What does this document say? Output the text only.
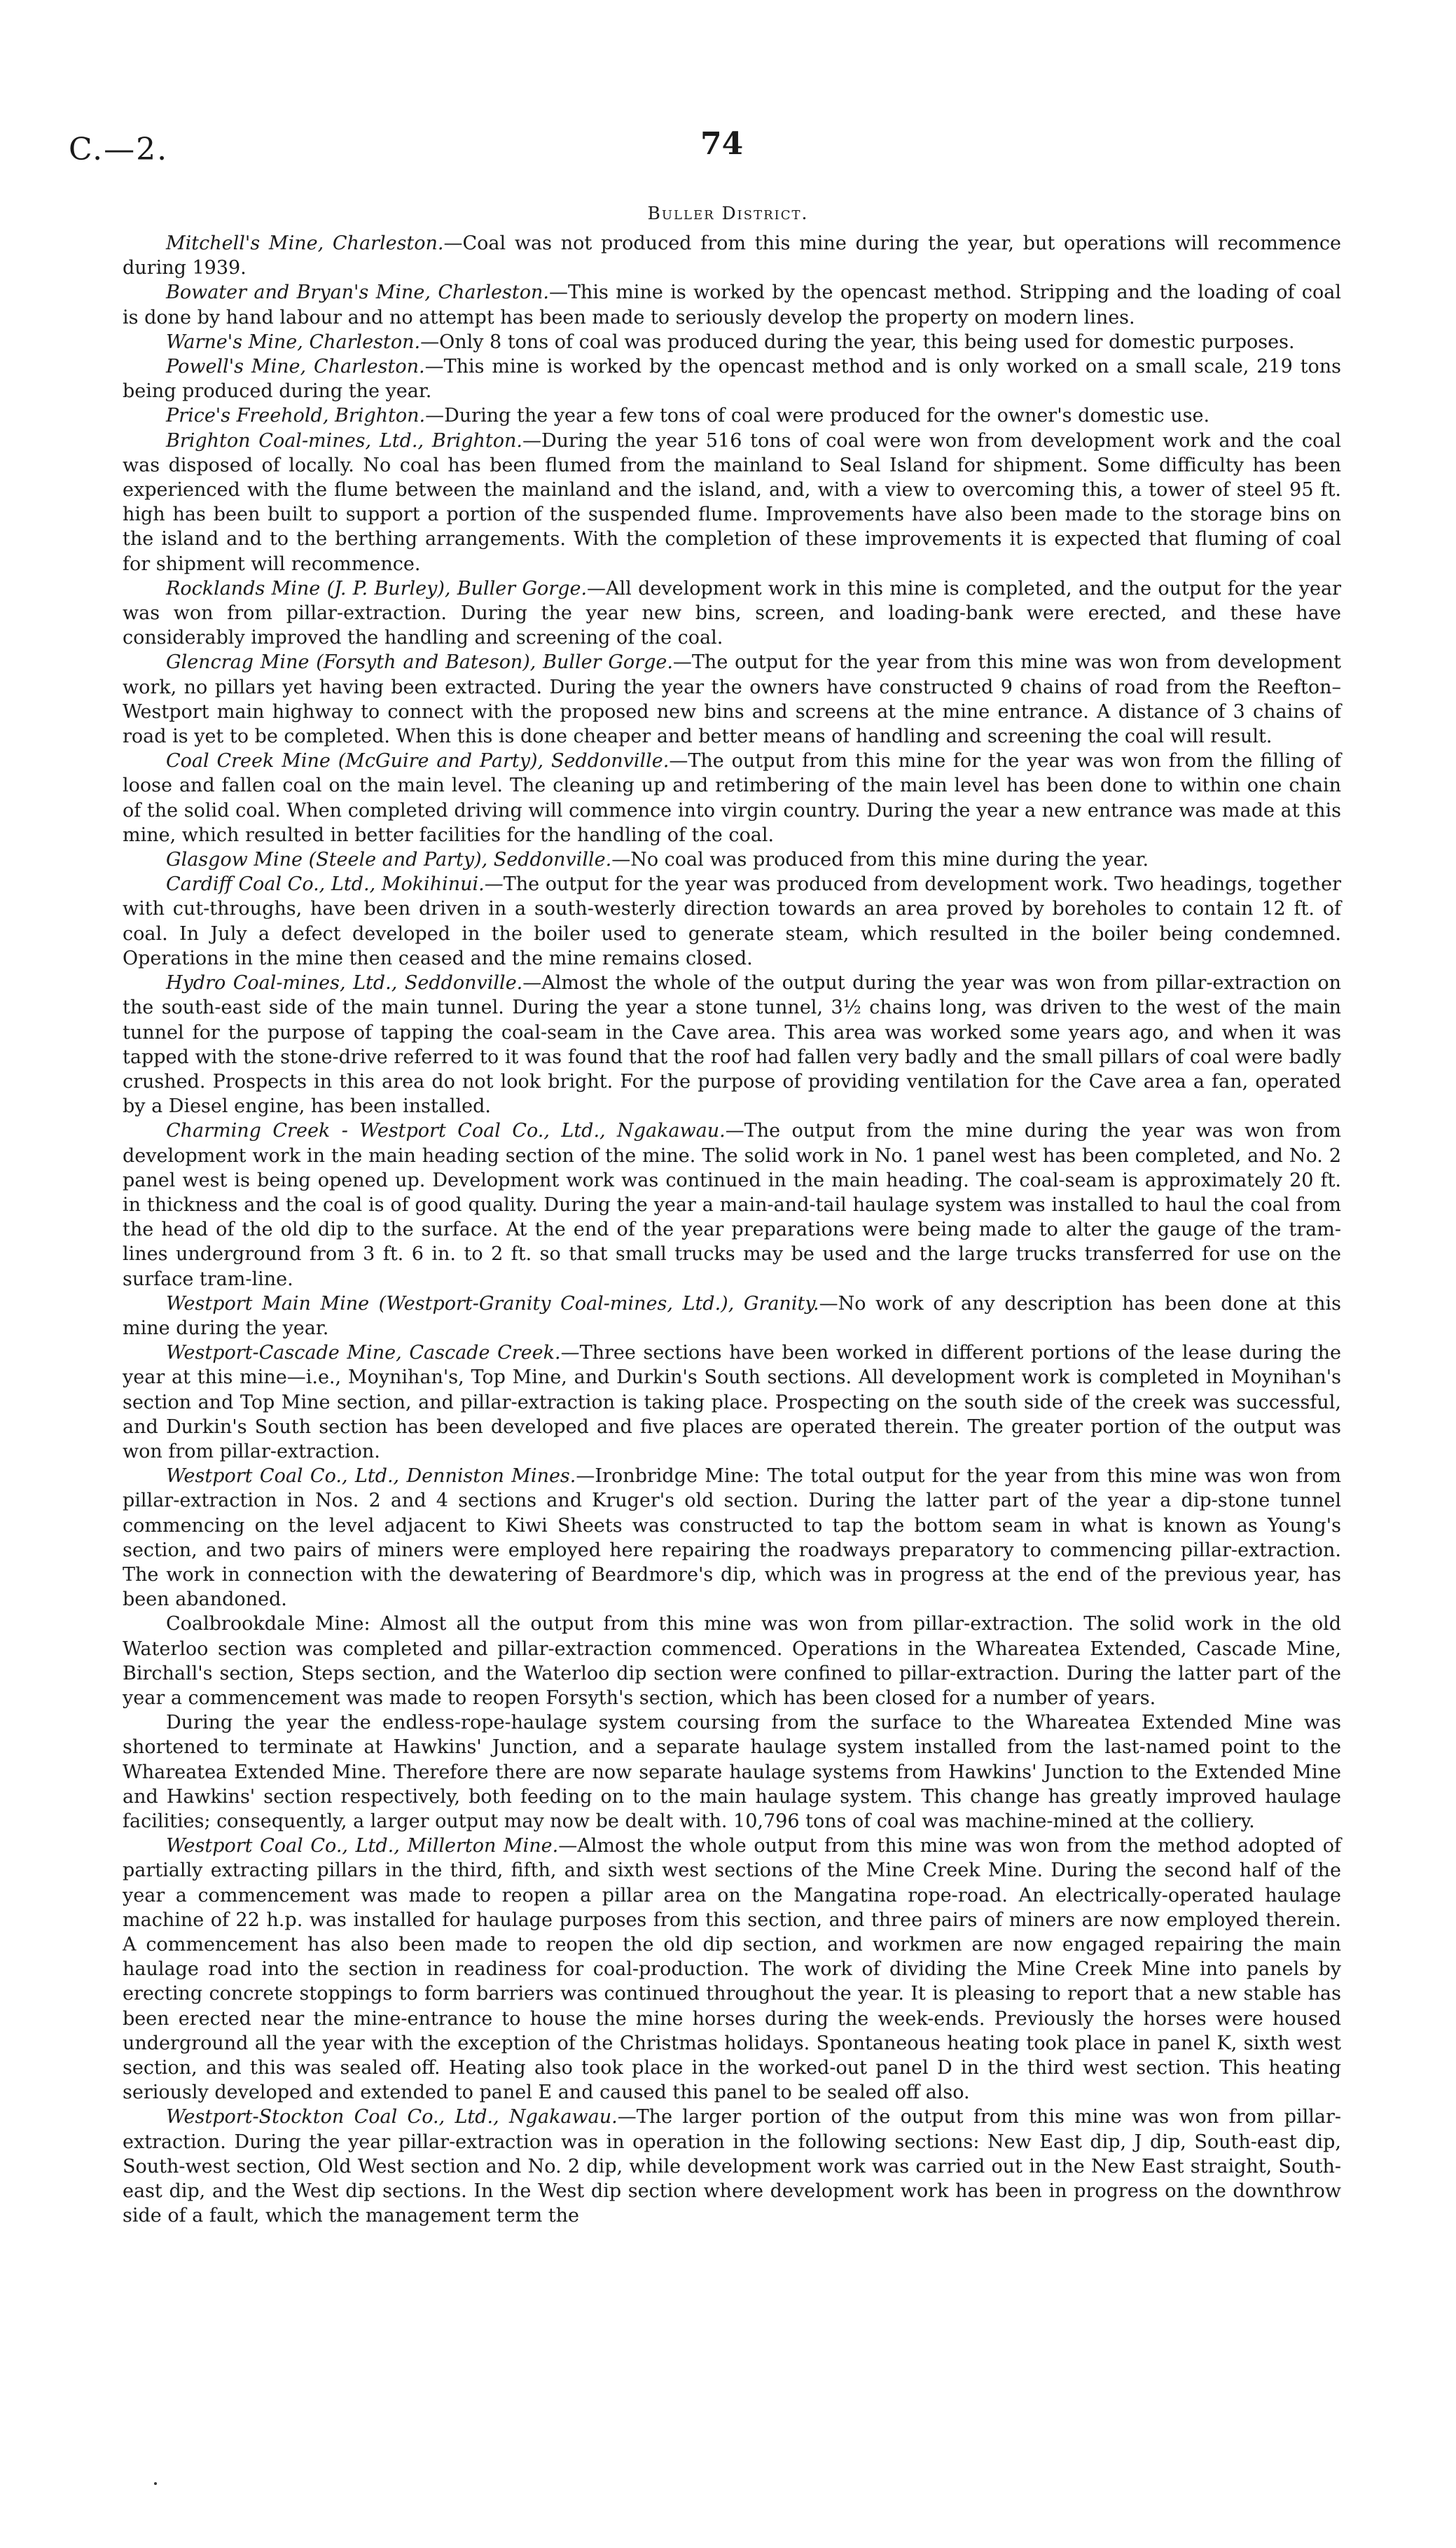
C.—2.	74
Buller District.

Mitchell's Mine, Charleston.—Coal was not produced from this mine during the year, but operations will recommence during 1939.

Bowater and Bryan's Mine, Charleston.—This mine is worked by the opencast method. Stripping and the loading of coal is done by hand labour and no attempt has been made to seriously develop the property on modern lines.

Warne's Mine, Charleston.—Only 8 tons of coal was produced during the year, this being used for domestic purposes.

Powell's Mine, Charleston.—This mine is worked by the opencast method and is only worked on a small scale, 219 tons being produced during the year.

Price's Freehold, Brighton.—During the year a few tons of coal were produced for the owner's domestic use.

Brighton Coal-mines, Ltd., Brighton.—During the year 516 tons of coal were won from development work and the coal was disposed of locally. No coal has been flumed from the mainland to Seal Island for shipment. Some difficulty has been experienced with the flume between the mainland and the island, and, with a view to overcoming this, a tower of steel 95 ft. high has been built to support a portion of the suspended flume. Improvements have also been made to the storage bins on the island and to the berthing arrangements. With the completion of these improvements it is expected that fluming of coal for shipment will recommence.

Rocklands Mine (J. P. Burley), Buller Gorge.—All development work in this mine is completed, and the output for the year was won from pillar-extraction. During the year new bins, screen, and loading-bank were erected, and these have considerably improved the handling and screening of the coal.

Glencrag Mine (Forsyth and Bateson), Buller Gorge.—The output for the year from this mine was won from development work, no pillars yet having been extracted. During the year the owners have constructed 9 chains of road from the Reefton–Westport main highway to connect with the proposed new bins and screens at the mine entrance. A distance of 3 chains of road is yet to be completed. When this is done cheaper and better means of handling and screening the coal will result.

Coal Creek Mine (McGuire and Party), Seddonville.—The output from this mine for the year was won from the filling of loose and fallen coal on the main level. The cleaning up and retimbering of the main level has been done to within one chain of the solid coal. When completed driving will commence into virgin country. During the year a new entrance was made at this mine, which resulted in better facilities for the handling of the coal.

Glasgow Mine (Steele and Party), Seddonville.—No coal was produced from this mine during the year.

Cardiff Coal Co., Ltd., Mokihinui.—The output for the year was produced from development work. Two headings, together with cut-throughs, have been driven in a south-westerly direction towards an area proved by boreholes to contain 12 ft. of coal. In July a defect developed in the boiler used to generate steam, which resulted in the boiler being condemned. Operations in the mine then ceased and the mine remains closed.

Hydro Coal-mines, Ltd., Seddonville.—Almost the whole of the output during the year was won from pillar-extraction on the south-east side of the main tunnel. During the year a stone tunnel, 3½ chains long, was driven to the west of the main tunnel for the purpose of tapping the coal-seam in the Cave area. This area was worked some years ago, and when it was tapped with the stone-drive referred to it was found that the roof had fallen very badly and the small pillars of coal were badly crushed. Prospects in this area do not look bright. For the purpose of providing ventilation for the Cave area a fan, operated by a Diesel engine, has been installed.

Charming Creek - Westport Coal Co., Ltd., Ngakawau.—The output from the mine during the year was won from development work in the main heading section of the mine. The solid work in No. 1 panel west has been completed, and No. 2 panel west is being opened up. Development work was continued in the main heading. The coal-seam is approximately 20 ft. in thickness and the coal is of good quality. During the year a main-and-tail haulage system was installed to haul the coal from the head of the old dip to the surface. At the end of the year preparations were being made to alter the gauge of the tram-lines underground from 3 ft. 6 in. to 2 ft. so that small trucks may be used and the large trucks transferred for use on the surface tram-line.

Westport Main Mine (Westport-Granity Coal-mines, Ltd.), Granity.—No work of any description has been done at this mine during the year.

Westport-Cascade Mine, Cascade Creek.—Three sections have been worked in different portions of the lease during the year at this mine—i.e., Moynihan's, Top Mine, and Durkin's South sections. All development work is completed in Moynihan's section and Top Mine section, and pillar-extraction is taking place. Prospecting on the south side of the creek was successful, and Durkin's South section has been developed and five places are operated therein. The greater portion of the output was won from pillar-extraction.

Westport Coal Co., Ltd., Denniston Mines.—Ironbridge Mine: The total output for the year from this mine was won from pillar-extraction in Nos. 2 and 4 sections and Kruger's old section. During the latter part of the year a dip-stone tunnel commencing on the level adjacent to Kiwi Sheets was constructed to tap the bottom seam in what is known as Young's section, and two pairs of miners were employed here repairing the roadways preparatory to commencing pillar-extraction. The work in connection with the dewatering of Beardmore's dip, which was in progress at the end of the previous year, has been abandoned.

Coalbrookdale Mine: Almost all the output from this mine was won from pillar-extraction. The solid work in the old Waterloo section was completed and pillar-extraction commenced. Operations in the Whareatea Extended, Cascade Mine, Birchall's section, Steps section, and the Waterloo dip section were confined to pillar-extraction. During the latter part of the year a commencement was made to reopen Forsyth's section, which has been closed for a number of years.

During the year the endless-rope-haulage system coursing from the surface to the Whareatea Extended Mine was shortened to terminate at Hawkins' Junction, and a separate haulage system installed from the last-named point to the Whareatea Extended Mine. Therefore there are now separate haulage systems from Hawkins' Junction to the Extended Mine and Hawkins' section respectively, both feeding on to the main haulage system. This change has greatly improved haulage facilities; consequently, a larger output may now be dealt with. 10,796 tons of coal was machine-mined at the colliery.

Westport Coal Co., Ltd., Millerton Mine.—Almost the whole output from this mine was won from the method adopted of partially extracting pillars in the third, fifth, and sixth west sections of the Mine Creek Mine. During the second half of the year a commencement was made to reopen a pillar area on the Mangatina rope-road. An electrically-operated haulage machine of 22 h.p. was installed for haulage purposes from this section, and three pairs of miners are now employed therein. A commencement has also been made to reopen the old dip section, and workmen are now engaged repairing the main haulage road into the section in readiness for coal-production. The work of dividing the Mine Creek Mine into panels by erecting concrete stoppings to form barriers was continued throughout the year. It is pleasing to report that a new stable has been erected near the mine-entrance to house the mine horses during the week-ends. Previously the horses were housed underground all the year with the exception of the Christmas holidays. Spontaneous heating took place in panel K, sixth west section, and this was sealed off. Heating also took place in the worked-out panel D in the third west section. This heating seriously developed and extended to panel E and caused this panel to be sealed off also.

Westport-Stockton Coal Co., Ltd., Ngakawau.—The larger portion of the output from this mine was won from pillar-extraction. During the year pillar-extraction was in operation in the following sections: New East dip, J dip, South-east dip, South-west section, Old West section and No. 2 dip, while development work was carried out in the New East straight, South-east dip, and the West dip sections. In the West dip section where development work has been in progress on the downthrow side of a fault, which the management term the
